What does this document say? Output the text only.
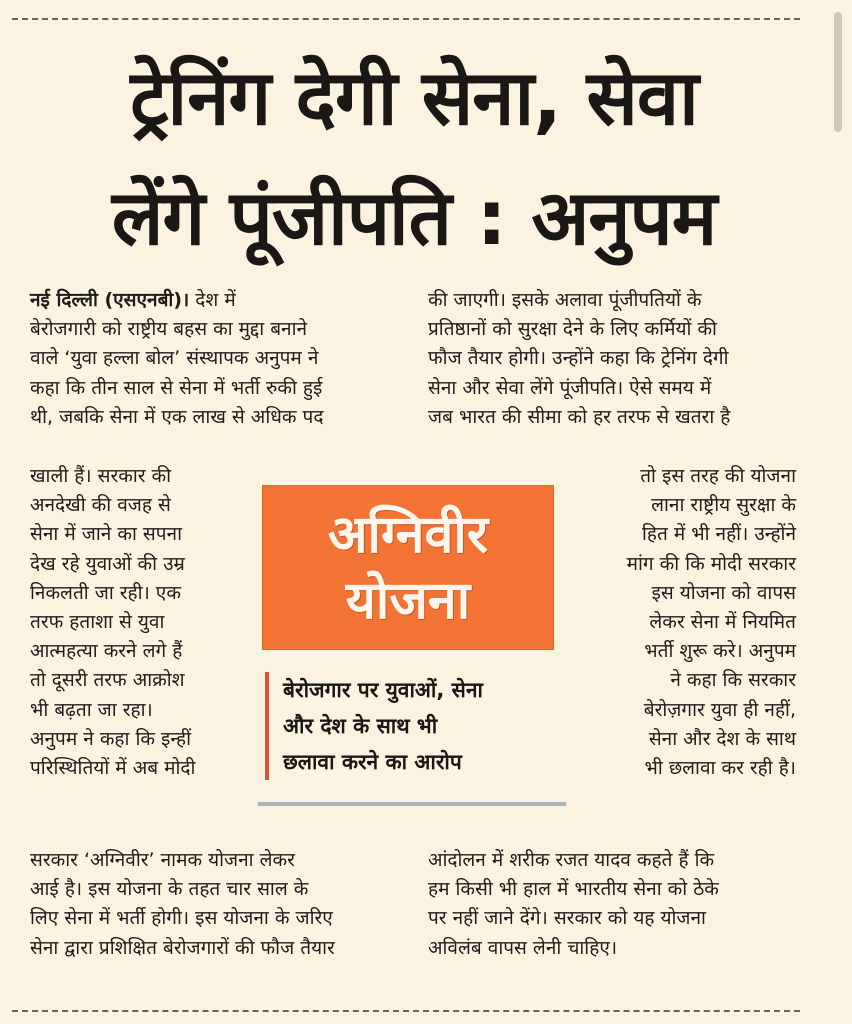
ट्रेनिंग देगी सेना, सेवा
लेंगे पूंजीपति : अनुपम

नई दिल्ली (एसएनबी)। देश में

बेरोजगारी को राष्ट्रीय बहस का मुद्दा बनाने

वाले ‘युवा हल्ला बोल’ संस्थापक अनुपम ने

कहा कि तीन साल से सेना में भर्ती रुकी हुई

थी, जबकि सेना में एक लाख से अधिक पद

खाली हैं। सरकार की

अनदेखी की वजह से

सेना में जाने का सपना

देख रहे युवाओं की उम्र

निकलती जा रही। एक

तरफ हताशा से युवा

आत्महत्या करने लगे हैं

तो दूसरी तरफ आक्रोश

भी बढ़ता जा रहा।

अनुपम ने कहा कि इन्हीं

परिस्थितियों में अब मोदी

सरकार ‘अग्निवीर’ नामक योजना लेकर

आई है। इस योजना के तहत चार साल के

लिए सेना में भर्ती होगी। इस योजना के जरिए

सेना द्वारा प्रशिक्षित बेरोजगारों की फौज तैयार

की जाएगी। इसके अलावा पूंजीपतियों के

प्रतिष्ठानों को सुरक्षा देने के लिए कर्मियों की

फौज तैयार होगी। उन्होंने कहा कि ट्रेनिंग देगी

सेना और सेवा लेंगे पूंजीपति। ऐसे समय में

जब भारत की सीमा को हर तरफ से खतरा है

तो इस तरह की योजना

लाना राष्ट्रीय सुरक्षा के

हित में भी नहीं। उन्होंने

मांग की कि मोदी सरकार

इस योजना को वापस

लेकर सेना में नियमित

भर्ती शुरू करे। अनुपम

ने कहा कि सरकार

बेरोज़गार युवा ही नहीं,

सेना और देश के साथ

भी छलावा कर रही है।

आंदोलन में शरीक रजत यादव कहते हैं कि

हम किसी भी हाल में भारतीय सेना को ठेके

पर नहीं जाने देंगे। सरकार को यह योजना

अविलंब वापस लेनी चाहिए।

अग्निवीर
योजना
बेरोजगार पर युवाओं, सेना
और देश के साथ भी
छलावा करने का आरोप
